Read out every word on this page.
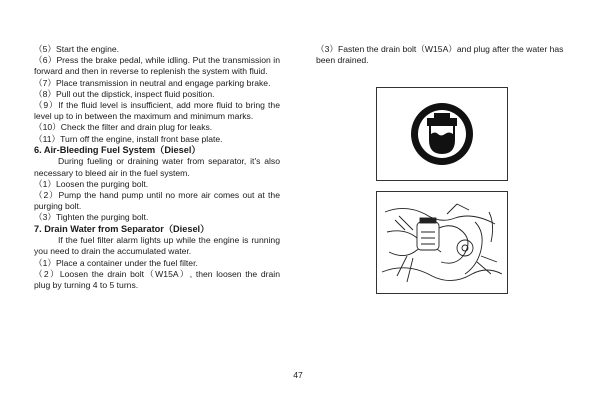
（5）Start the engine.

（6）Press the brake pedal, while idling. Put the transmission in forward and then in reverse to replenish the system with fluid.

（7）Place transmission in neutral and engage parking brake.

（8）Pull out the dipstick, inspect fluid position.

（9）If the fluid level is insufficient, add more fluid to bring the level up to in between the maximum and minimum marks.

（10）Check the filter and drain plug for leaks.

（11）Turn off the engine, install front base plate.

6. Air-Bleeding Fuel System（Diesel）

During fueling or draining water from separator, it's also necessary to bleed air in the fuel system.

（1）Loosen the purging bolt.

（2）Pump the hand pump until no more air comes out at the purging bolt.

（3）Tighten the purging bolt.

7. Drain Water from Separator（Diesel）

If the fuel filter alarm lights up while the engine is running you need to drain the accumulated water.

（1）Place a container under the fuel filter.

（2）Loosen the drain bolt（W15A）, then loosen the drain plug by turning 4 to 5 turns.

（3）Fasten the drain bolt（W15A）and plug after the water has been drained.

47
